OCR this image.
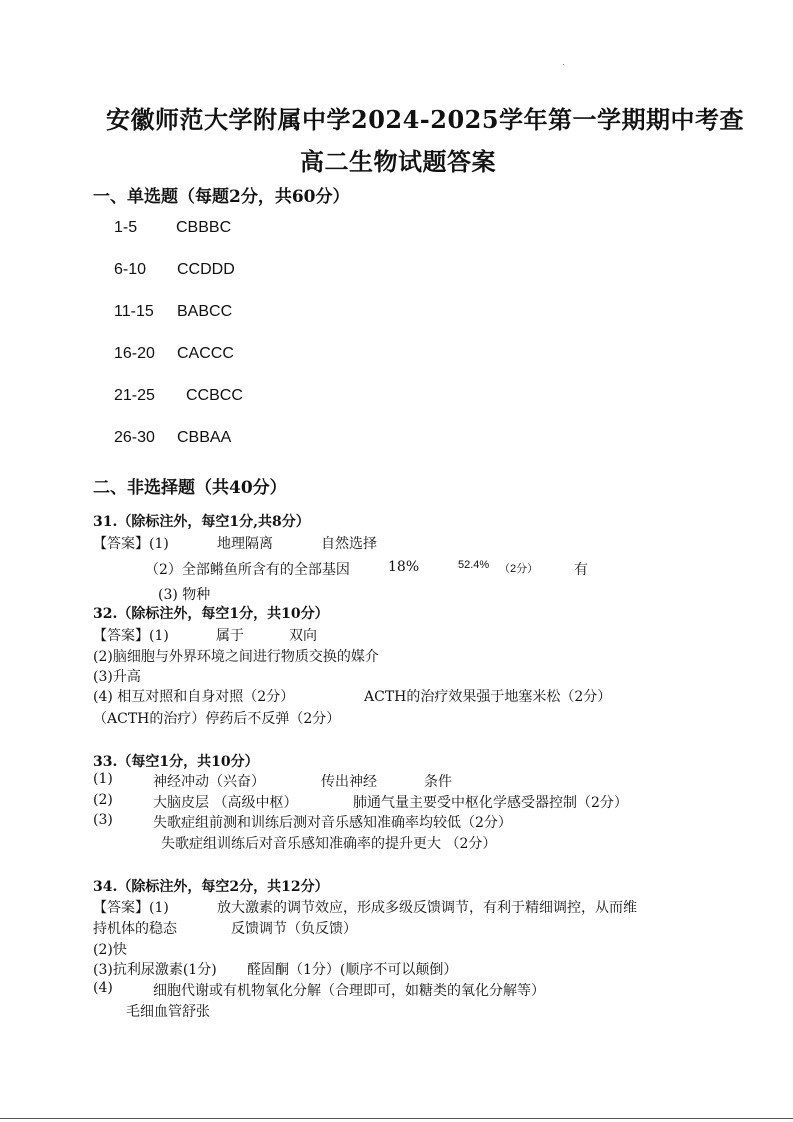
安徽师范大学附属中学2024-2025学年第一学期期中考查
高二生物试题答案
一、单选题（每题2分，共60分）
1-5 CBBBC
6-10 CCDDD
11-15 BABCC
16-20 CACCC
21-25 CCBCC
26-30 CBBAA
二、非选择题（共40分）
31.（除标注外，每空1分,共8分）
【答案】(1)	地理隔离	自然选择
（2）全部鳉鱼所含有的全部基因	18%	52.4% （2分）	有
(3) 物种
32.（除标注外，每空1分，共10分）
【答案】(1)	属于	双向
(2)脑细胞与外界环境之间进行物质交换的媒介
(3)升高
(4) 相互对照和自身对照（2分）	ACTH的治疗效果强于地塞米松（2分）
（ACTH的治疗）停药后不反弹（2分）
33.（每空1分，共10分）
(1)	神经冲动（兴奋）	传出神经	条件
(2)	大脑皮层 （高级中枢）	肺通气量主要受中枢化学感受器控制（2分）
(3)	失歌症组前测和训练后测对音乐感知准确率均较低（2分）
失歌症组训练后对音乐感知准确率的提升更大 （2分）
34.（除标注外，每空2分，共12分）
【答案】(1)	放大激素的调节效应，形成多级反馈调节，有利于精细调控，从而维
持机体的稳态	反馈调节（负反馈）
(2)快
(3)抗利尿激素(1分) 醛固酮（1分）(顺序不可以颠倒）
(4)	细胞代谢或有机物氧化分解（合理即可，如糖类的氧化分解等）
毛细血管舒张
